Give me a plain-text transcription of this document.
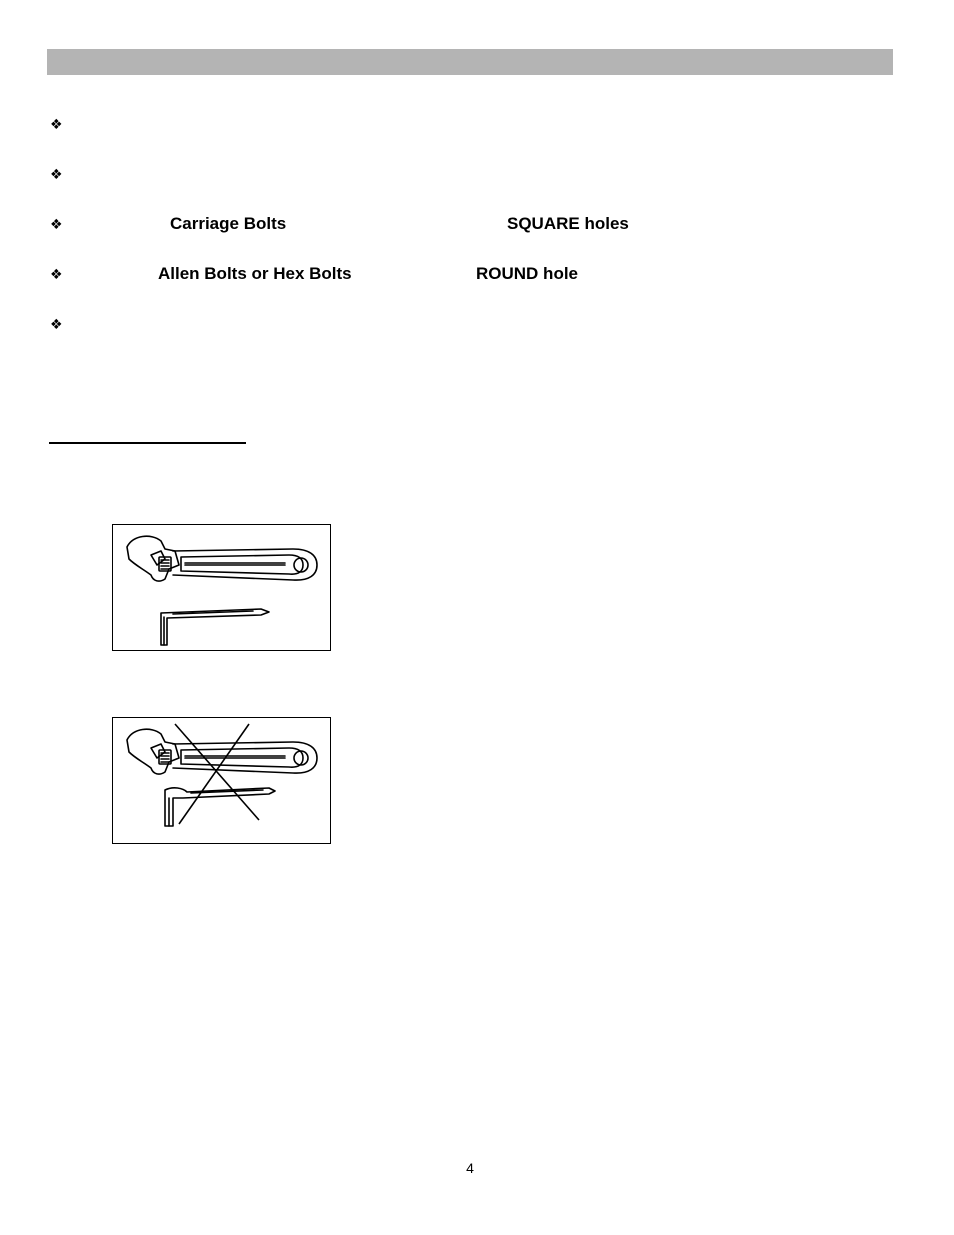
❖
❖
❖	Carriage Bolts	SQUARE holes
❖	Allen Bolts or Hex Bolts	ROUND hole
❖
4
